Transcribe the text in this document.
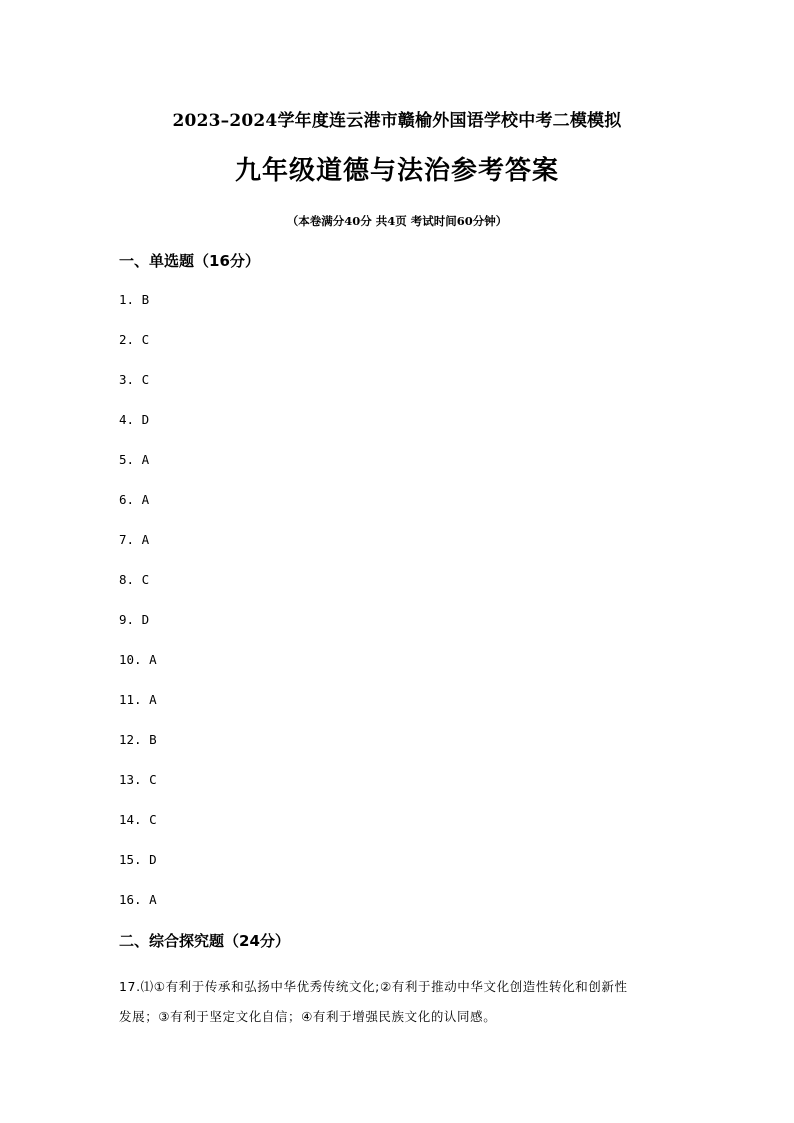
2023–2024学年度连云港市赣榆外国语学校中考二模模拟
九年级道德与法治参考答案
（本卷满分40分 共4页 考试时间60分钟）
一、单选题（16分）
1. B
2. C
3. C
4. D
5. A
6. A
7. A
8. C
9. D
10. A
11. A
12. B
13. C
14. C
15. D
16. A
二、综合探究题（24分）
17.⑴①有利于传承和弘扬中华优秀传统文化;②有利于推动中华文化创造性转化和创新性
发展；③有利于坚定文化自信；④有利于增强民族文化的认同感。
